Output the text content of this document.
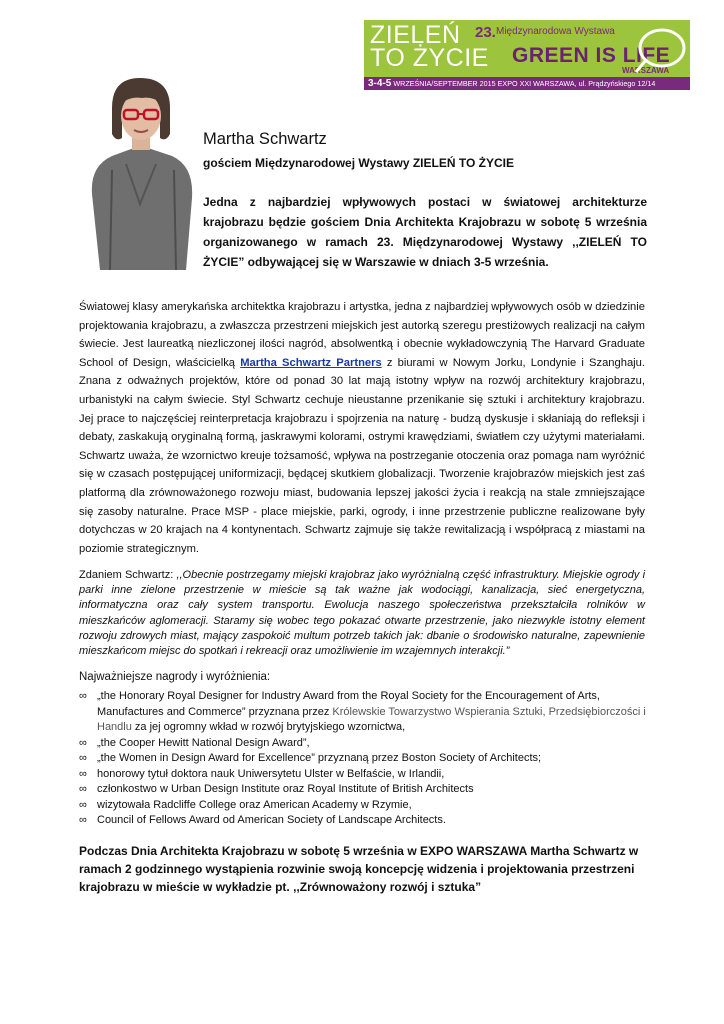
ZIELEŃ
TO ŻYCIE
23. Międzynarodowa Wystawa
GREEN IS LIFE
WARSZAWA
3-4-5 WRZEŚNIA/SEPTEMBER 2015 EXPO XXI WARSZAWA, ul. Prądzyńskiego 12/14
Martha Schwartz
gościem Międzynarodowej Wystawy ZIELEŃ TO ŻYCIE
Jedna z najbardziej wpływowych postaci w światowej architekturze krajobrazu będzie gościem Dnia Architekta Krajobrazu w sobotę 5 września organizowanego w ramach 23. Międzynarodowej Wystawy ,,ZIELEŃ TO ŻYCIE” odbywającej się w Warszawie w dniach 3-5 września.
Światowej klasy amerykańska architektka krajobrazu i artystka, jedna z najbardziej wpływowych osób w dziedzinie projektowania krajobrazu, a zwłaszcza przestrzeni miejskich jest autorką szeregu prestiżowych realizacji na całym świecie. Jest laureatką niezliczonej ilości nagród, absolwentką i obecnie wykładowczynią The Harvard Graduate School of Design, właścicielką Martha Schwartz Partners z biurami w Nowym Jorku, Londynie i Szanghaju. Znana z odważnych projektów, które od ponad 30 lat mają istotny wpływ na rozwój architektury krajobrazu, urbanistyki na całym świecie. Styl Schwartz cechuje nieustanne przenikanie się sztuki i architektury krajobrazu. Jej prace to najczęściej reinterpretacja krajobrazu i spojrzenia na naturę - budzą dyskusje i skłaniają do refleksji i debaty, zaskakują oryginalną formą, jaskrawymi kolorami, ostrymi krawędziami, światłem czy użytymi materiałami. Schwartz uważa, że wzornictwo kreuje tożsamość, wpływa na postrzeganie otoczenia oraz pomaga nam wyróżnić się w czasach postępującej uniformizacji, będącej skutkiem globalizacji. Tworzenie krajobrazów miejskich jest zaś platformą dla zrównoważonego rozwoju miast, budowania lepszej jakości życia i reakcją na stale zmniejszające się zasoby naturalne. Prace MSP - place miejskie, parki, ogrody, i inne przestrzenie publiczne realizowane były dotychczas w 20 krajach na 4 kontynentach. Schwartz zajmuje się także rewitalizacją i współpracą z miastami na poziomie strategicznym.
Zdaniem Schwartz: ,,Obecnie postrzegamy miejski krajobraz jako wyróżnialną część infrastruktury. Miejskie ogrody i parki inne zielone przestrzenie w mieście są tak ważne jak wodociągi, kanalizacja, sieć energetyczna, informatyczna oraz cały system transportu. Ewolucja naszego społeczeństwa przekształciła rolników w mieszkańców aglomeracji. Staramy się wobec tego pokazać otwarte przestrzenie, jako niezwykle istotny element rozwoju zdrowych miast, mający zaspokoić multum potrzeb takich jak: dbanie o środowisko naturalne, zapewnienie mieszkańcom miejsc do spotkań i rekreacji oraz umożliwienie im wzajemnych interakcji.”
Najważniejsze nagrody i wyróżnienia:
∞ „the Honorary Royal Designer for Industry Award from the Royal Society for the Encouragement of Arts, Manufactures and Commerce” przyznana przez Królewskie Towarzystwo Wspierania Sztuki, Przedsiębiorczości i Handlu za jej ogromny wkład w rozwój brytyjskiego wzornictwa,
∞ „the Cooper Hewitt National Design Award”,
∞ „the Women in Design Award for Excellence” przyznaną przez Boston Society of Architects;
∞ honorowy tytuł doktora nauk Uniwersytetu Ulster w Belfaście, w Irlandii,
∞ członkostwo w Urban Design Institute oraz Royal Institute of British Architects
∞ wizytowała Radcliffe College oraz American Academy w Rzymie,
∞ Council of Fellows Award od American Society of Landscape Architects.
Podczas Dnia Architekta Krajobrazu w sobotę 5 września w EXPO WARSZAWA Martha Schwartz w ramach 2 godzinnego wystąpienia rozwinie swoją koncepcję widzenia i projektowania przestrzeni krajobrazu w mieście w wykładzie pt. ,,Zrównoważony rozwój i sztuka”
